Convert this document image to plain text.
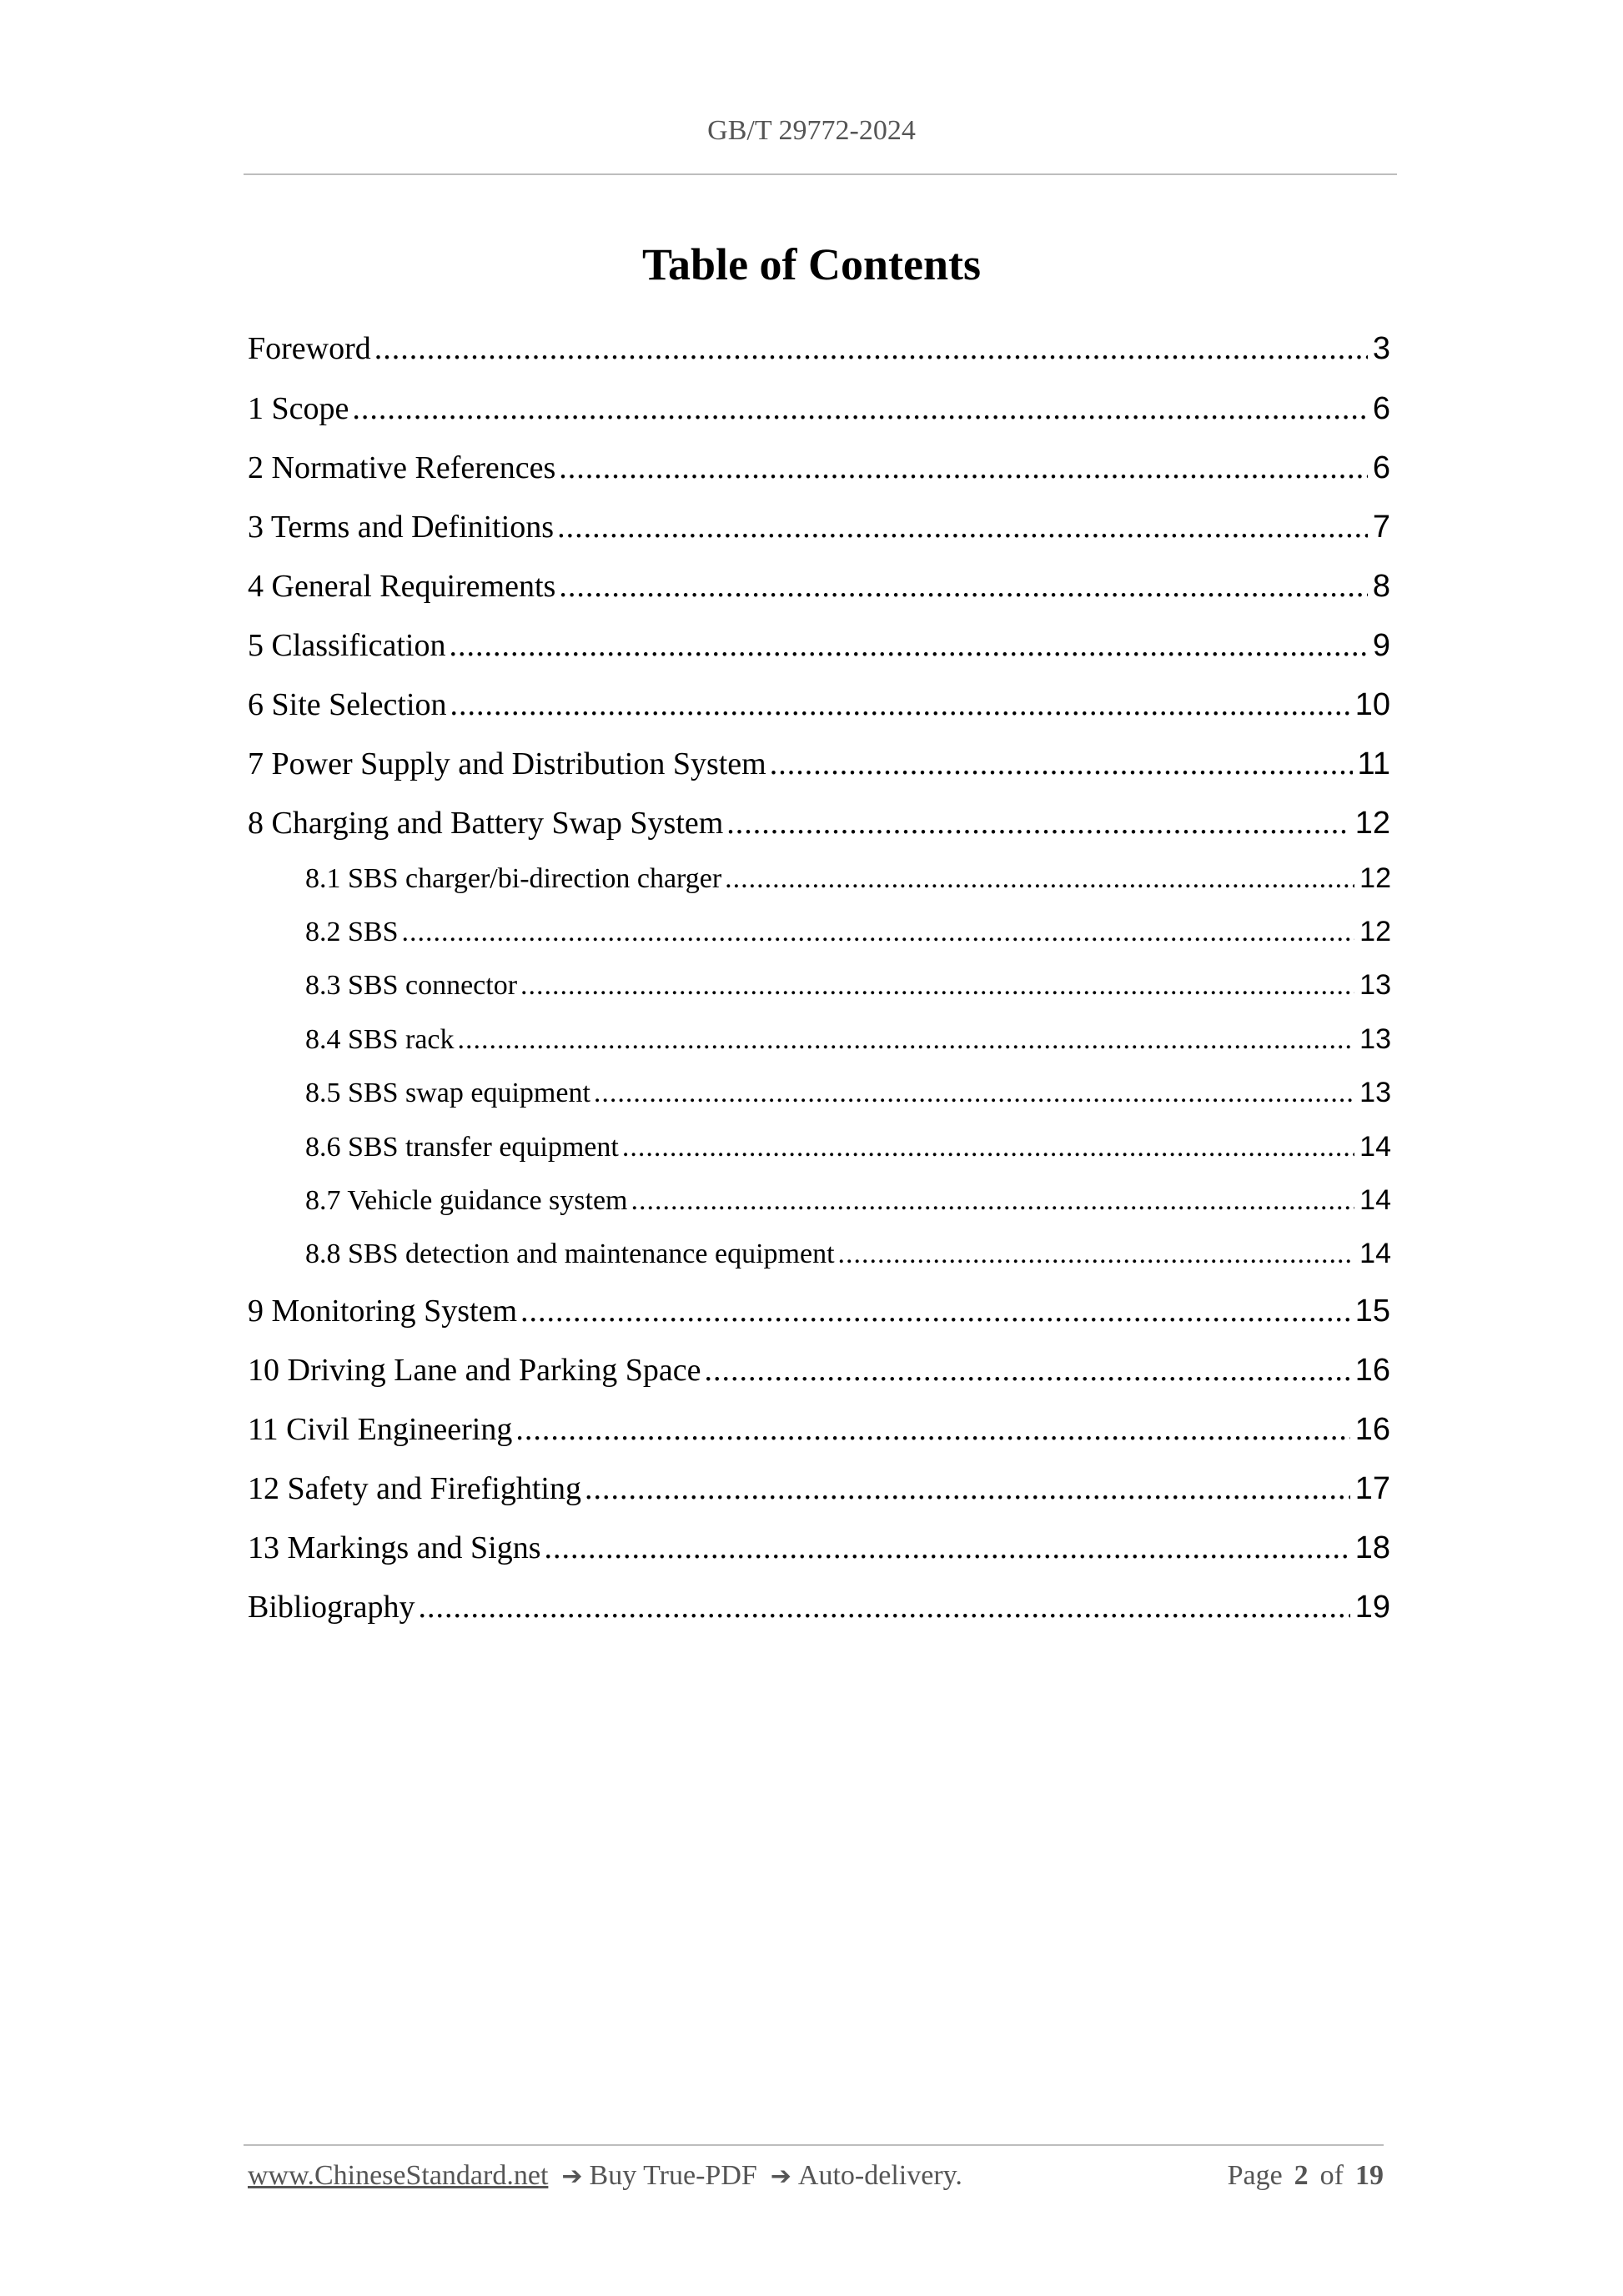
GB/T 29772-2024
Table of Contents
Foreword .....	3
1 Scope .....	6
2 Normative References .....	6
3 Terms and Definitions .....	7
4 General Requirements .....	8
5 Classification .....	9
6 Site Selection .....	10
7 Power Supply and Distribution System .....	11
8 Charging and Battery Swap System .....	12
8.1 SBS charger/bi-direction charger .....	12
8.2 SBS .....	12
8.3 SBS connector .....	13
8.4 SBS rack .....	13
8.5 SBS swap equipment .....	13
8.6 SBS transfer equipment .....	14
8.7 Vehicle guidance system .....	14
8.8 SBS detection and maintenance equipment .....	14
9 Monitoring System .....	15
10 Driving Lane and Parking Space .....	16
11 Civil Engineering .....	16
12 Safety and Firefighting .....	17
13 Markings and Signs .....	18
Bibliography .....	19
www.ChineseStandard.net ➔ Buy True-PDF ➔ Auto-delivery.	Page 2 of 19
